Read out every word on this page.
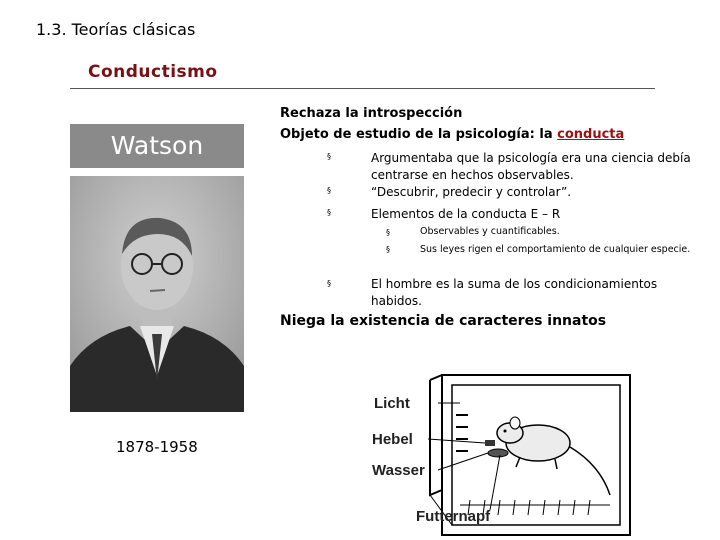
1.3. Teorías clásicas
Conductismo
Watson
1878-1958
Rechaza la introspección
Objeto de estudio de la psicología: la conducta
§	Argumentaba que la psicología era una ciencia debía centrarse en hechos observables.
§	“Descubrir, predecir y controlar”.
§	Elementos de la conducta E – R
§	Observables y cuantificables.
§	Sus leyes rigen el comportamiento de cualquier especie.
§	El hombre es la suma de los condicionamientos habidos.
Niega la existencia de caracteres innatos
Licht
Hebel
Wasser
Futternapf
